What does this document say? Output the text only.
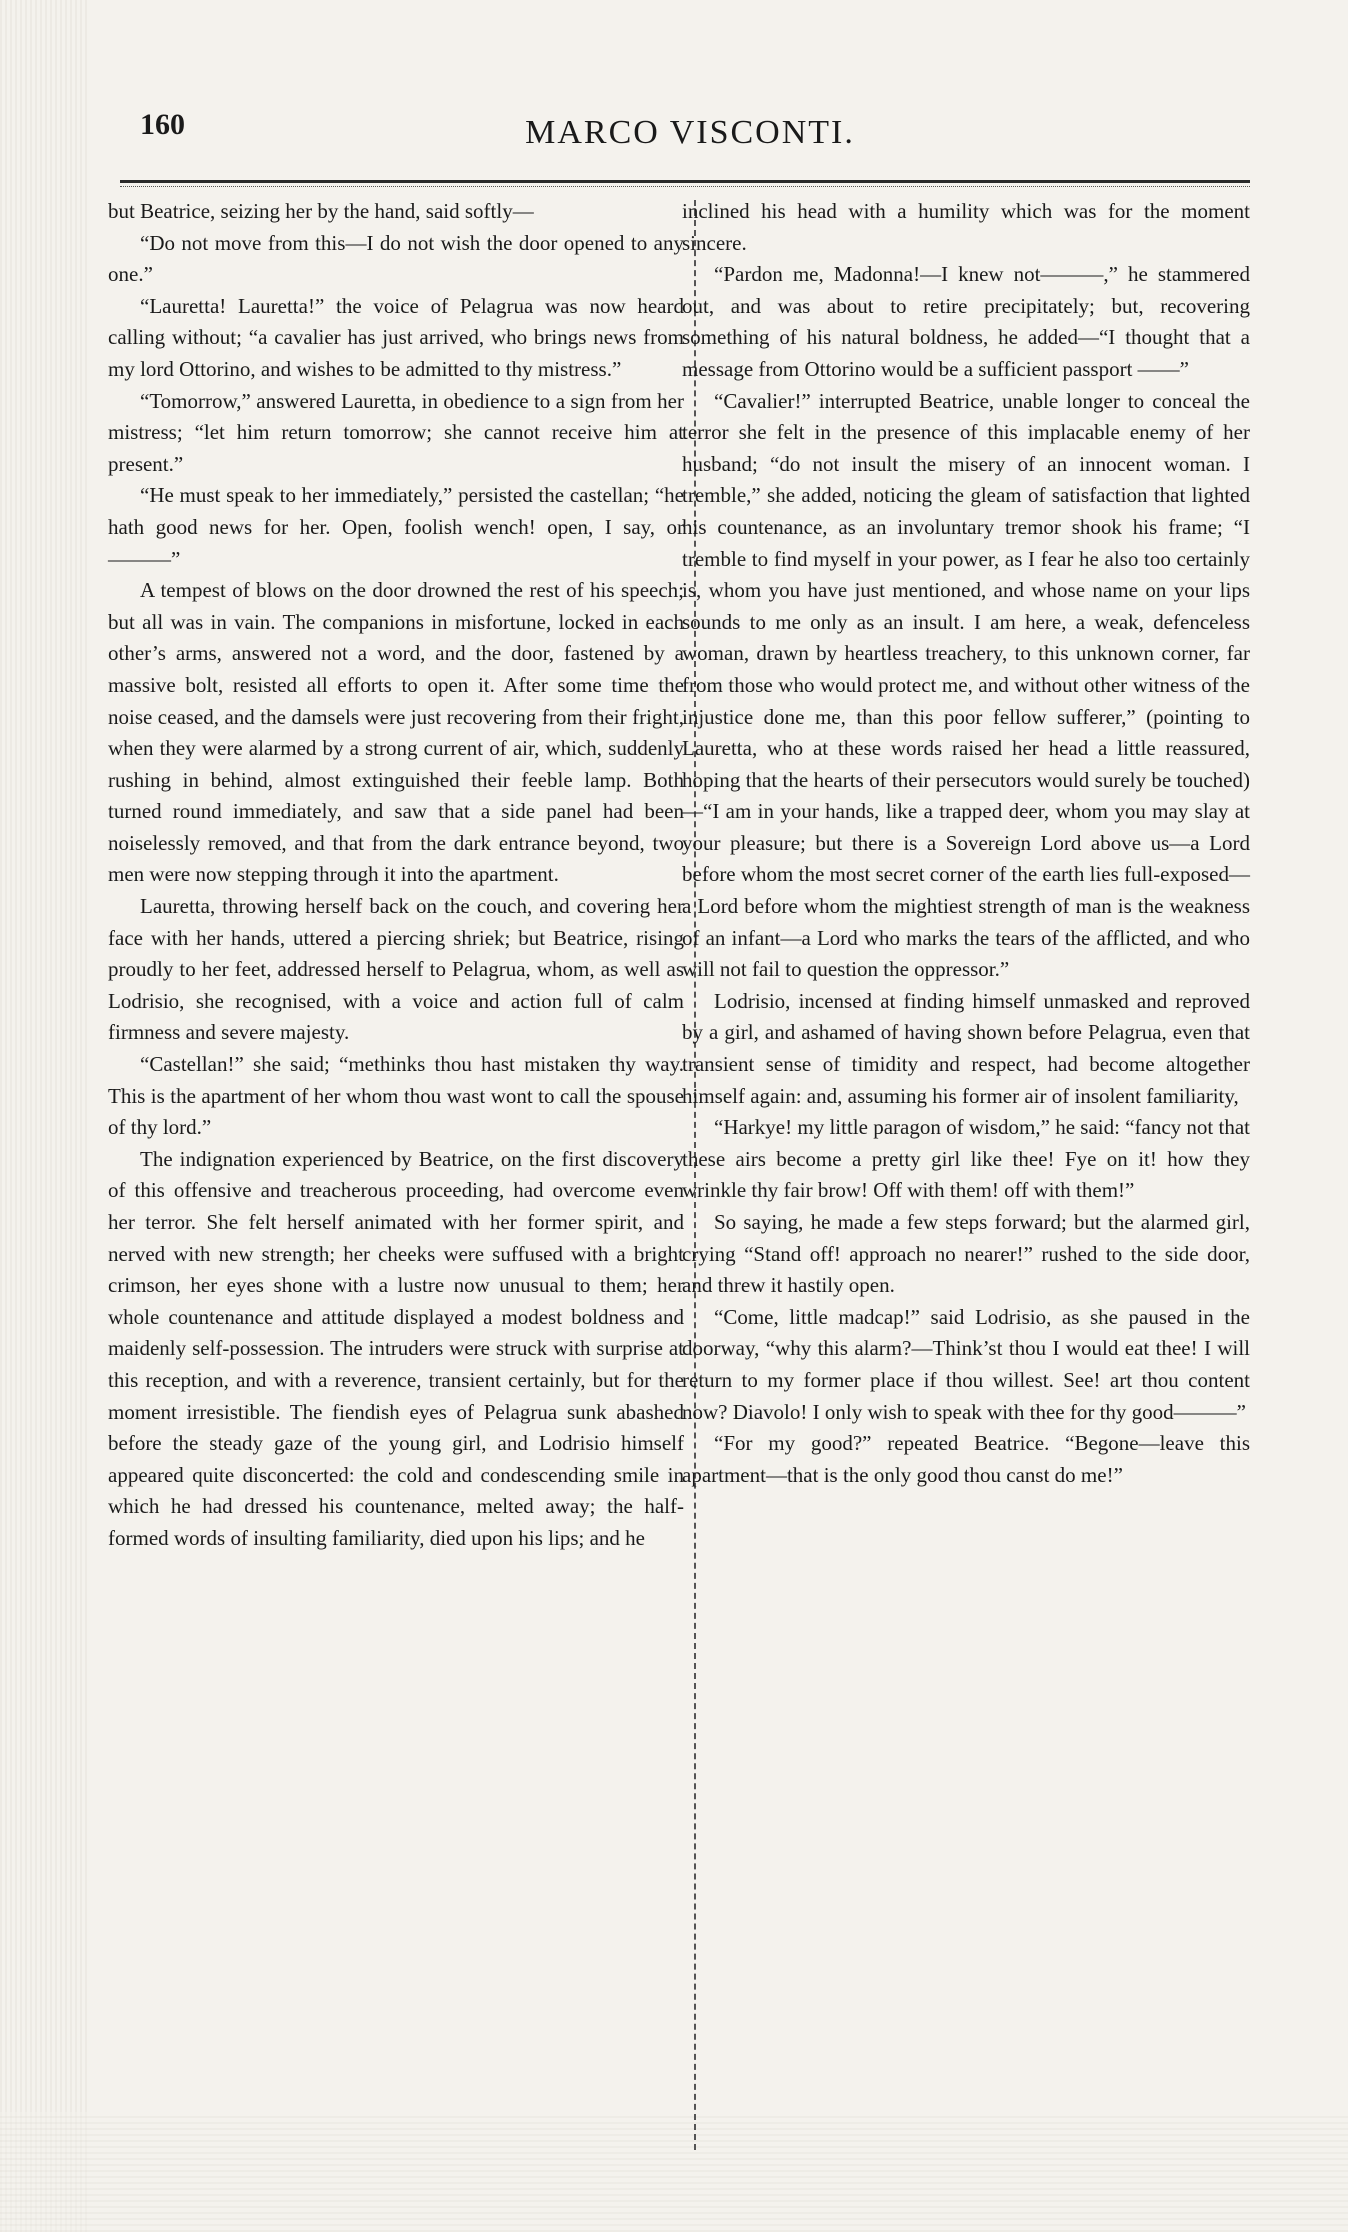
160	MARCO VISCONTI.

but Beatrice, seizing her by the hand, said softly—

“Do not move from this—I do not wish the door opened to any one.”

“Lauretta! Lauretta!” the voice of Pelagrua was now heard calling without; “a cavalier has just arrived, who brings news from my lord Ottorino, and wishes to be admitted to thy mistress.”

“Tomorrow,” answered Lauretta, in obedience to a sign from her mistress; “let him return tomorrow; she cannot receive him at present.”

“He must speak to her immediately,” persisted the castellan; “he hath good news for her. Open, foolish wench! open, I say, or———”

A tempest of blows on the door drowned the rest of his speech; but all was in vain. The companions in misfortune, locked in each other’s arms, answered not a word, and the door, fastened by a massive bolt, resisted all efforts to open it. After some time the noise ceased, and the damsels were just recovering from their fright, when they were alarmed by a strong current of air, which, suddenly rushing in behind, almost extinguished their feeble lamp. Both turned round immediately, and saw that a side panel had been noiselessly removed, and that from the dark entrance beyond, two men were now stepping through it into the apartment.

Lauretta, throwing herself back on the couch, and covering her face with her hands, uttered a piercing shriek; but Beatrice, rising proudly to her feet, addressed herself to Pelagrua, whom, as well as Lodrisio, she recognised, with a voice and action full of calm firmness and severe majesty.

“Castellan!” she said; “methinks thou hast mistaken thy way. This is the apartment of her whom thou wast wont to call the spouse of thy lord.”

The indignation experienced by Beatrice, on the first discovery of this offensive and treacherous proceeding, had overcome even her terror. She felt herself animated with her former spirit, and nerved with new strength; her cheeks were suffused with a bright crimson, her eyes shone with a lustre now unusual to them; her whole countenance and attitude displayed a modest boldness and maidenly self-possession. The intruders were struck with surprise at this reception, and with a reverence, transient certainly, but for the moment irresistible. The fiendish eyes of Pelagrua sunk abashed before the steady gaze of the young girl, and Lodrisio himself appeared quite disconcerted: the cold and condescending smile in which he had dressed his countenance, melted away; the half-formed words of insulting familiarity, died upon his lips; and he

inclined his head with a humility which was for the moment sincere.

“Pardon me, Madonna!—I knew not———,” he stammered out, and was about to retire precipitately; but, recovering something of his natural boldness, he added—“I thought that a message from Ottorino would be a sufficient passport ——”

“Cavalier!” interrupted Beatrice, unable longer to conceal the terror she felt in the presence of this implacable enemy of her husband; “do not insult the misery of an innocent woman. I tremble,” she added, noticing the gleam of satisfaction that lighted his countenance, as an involuntary tremor shook his frame; “I tremble to find myself in your power, as I fear he also too certainly is, whom you have just mentioned, and whose name on your lips sounds to me only as an insult. I am here, a weak, defenceless woman, drawn by heartless treachery, to this unknown corner, far from those who would protect me, and without other witness of the injustice done me, than this poor fellow sufferer,” (pointing to Lauretta, who at these words raised her head a little reassured, hoping that the hearts of their persecutors would surely be touched)—“I am in your hands, like a trapped deer, whom you may slay at your pleasure; but there is a Sovereign Lord above us—a Lord before whom the most secret corner of the earth lies full-exposed—a Lord before whom the mightiest strength of man is the weakness of an infant—a Lord who marks the tears of the afflicted, and who will not fail to question the oppressor.”

Lodrisio, incensed at finding himself unmasked and reproved by a girl, and ashamed of having shown before Pelagrua, even that transient sense of timidity and respect, had become altogether himself again: and, assuming his former air of insolent familiarity,

“Harkye! my little paragon of wisdom,” he said: “fancy not that these airs become a pretty girl like thee! Fye on it! how they wrinkle thy fair brow! Off with them! off with them!”

So saying, he made a few steps forward; but the alarmed girl, crying “Stand off! approach no nearer!” rushed to the side door, and threw it hastily open.

“Come, little madcap!” said Lodrisio, as she paused in the doorway, “why this alarm?—Think’st thou I would eat thee! I will return to my former place if thou willest. See! art thou content now? Diavolo! I only wish to speak with thee for thy good———”

“For my good?” repeated Beatrice. “Begone—leave this apartment—that is the only good thou canst do me!”
